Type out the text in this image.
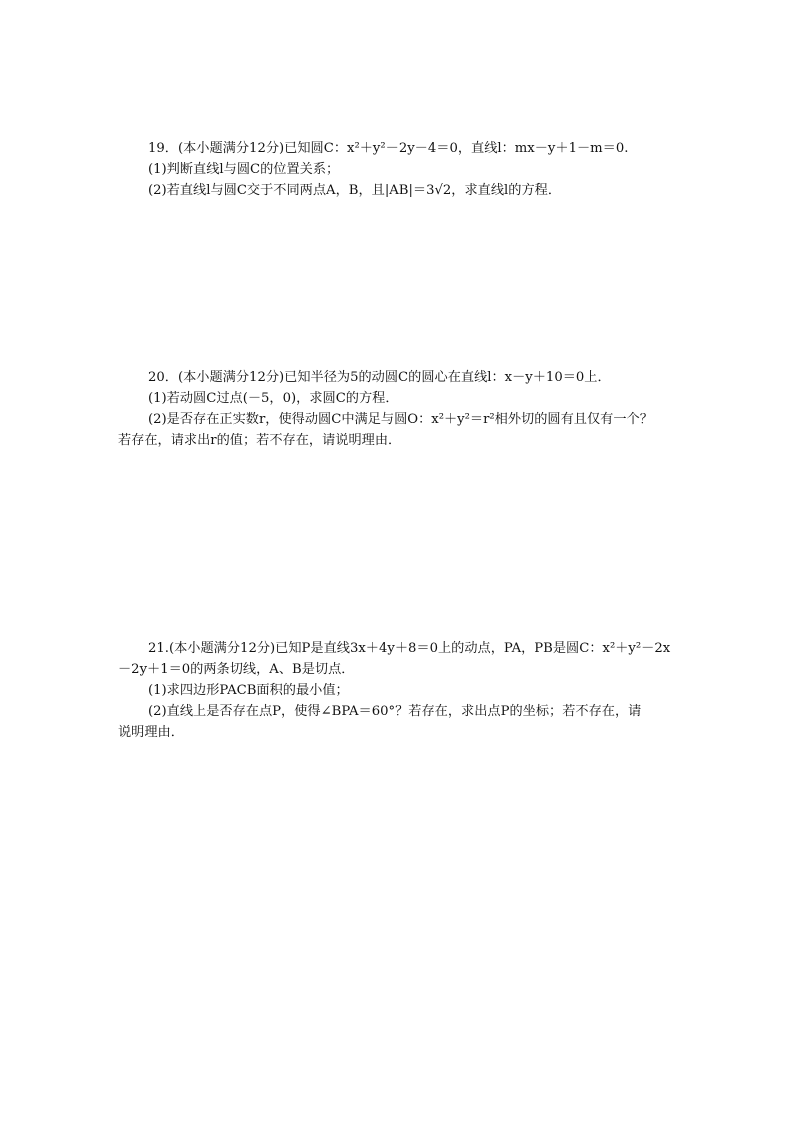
19．(本小题满分12分)已知圆C：x²＋y²－2y－4＝0，直线l：mx－y＋1－m＝0.
(1)判断直线l与圆C的位置关系；
(2)若直线l与圆C交于不同两点A，B，且|AB|＝3√2，求直线l的方程．
20．(本小题满分12分)已知半径为5的动圆C的圆心在直线l：x－y＋10＝0上．
(1)若动圆C过点(－5，0)，求圆C的方程．
(2)是否存在正实数r，使得动圆C中满足与圆O：x²＋y²＝r²相外切的圆有且仅有一个？
若存在，请求出r的值；若不存在，请说明理由．
21.(本小题满分12分)已知P是直线3x＋4y＋8＝0上的动点，PA，PB是圆C：x²＋y²－2x
－2y＋1＝0的两条切线，A、B是切点．
(1)求四边形PACB面积的最小值；
(2)直线上是否存在点P，使得∠BPA＝60°？若存在，求出点P的坐标；若不存在，请
说明理由．
